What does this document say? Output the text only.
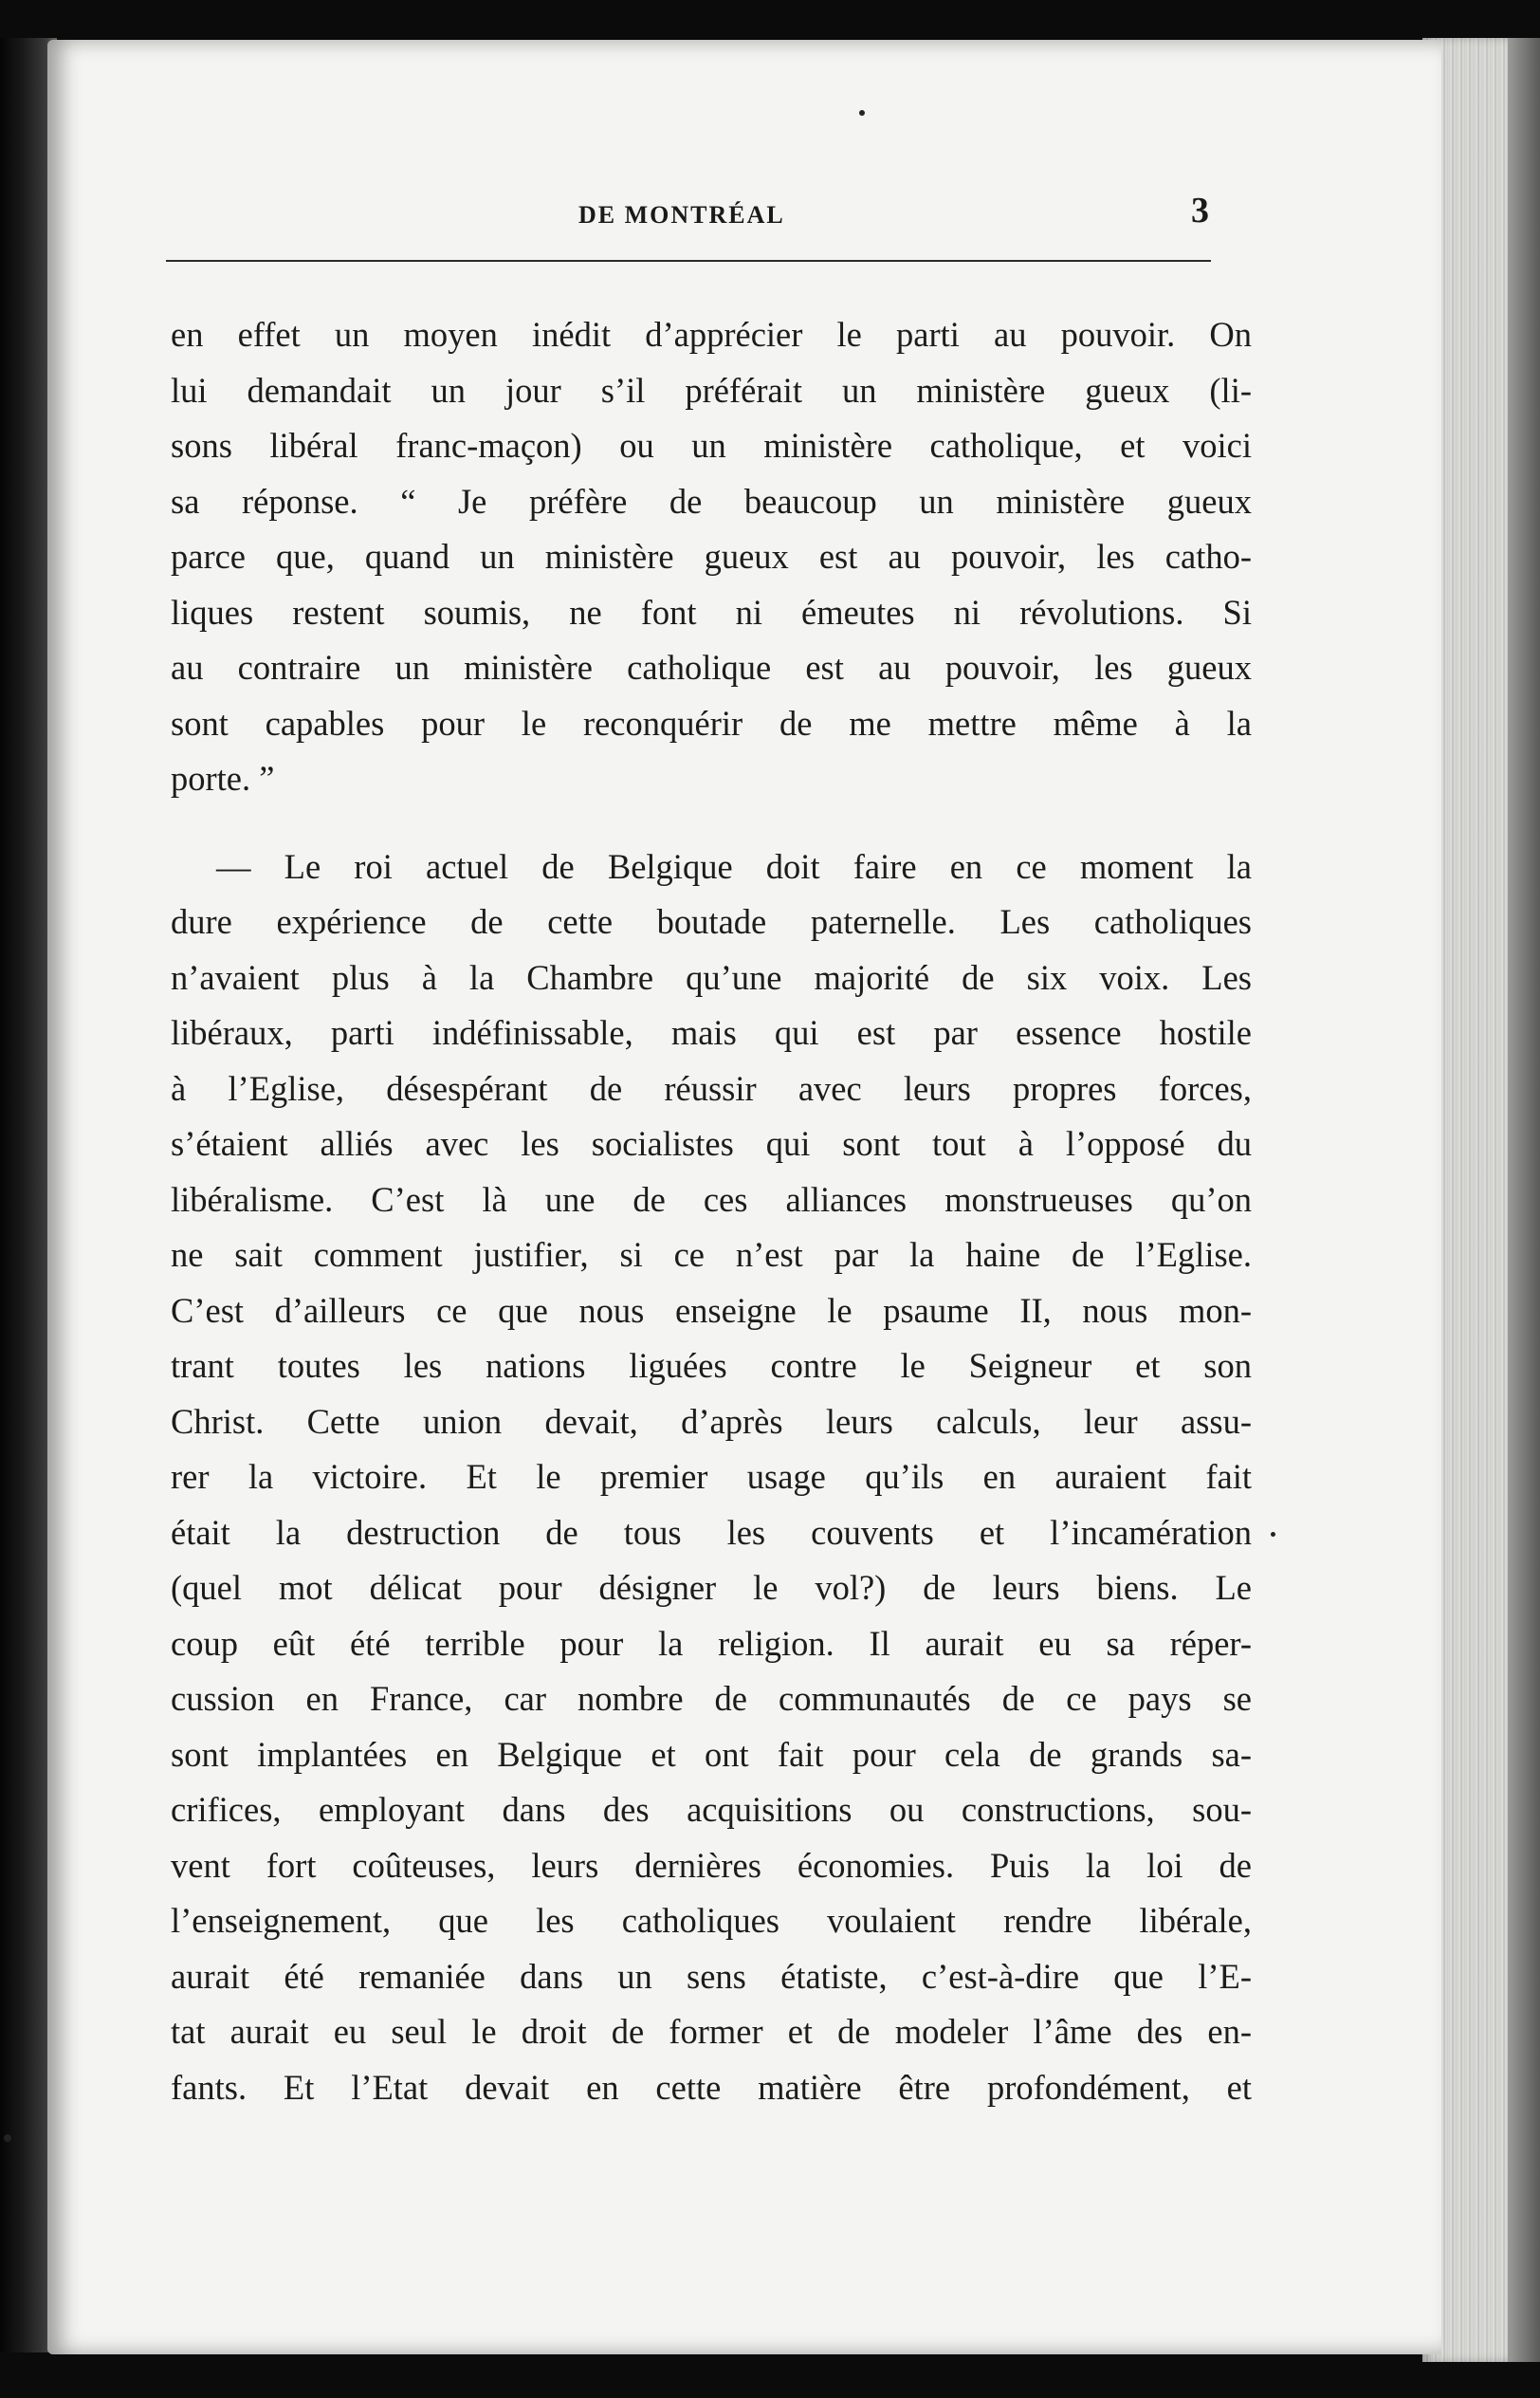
DE MONTRÉAL	3
en effet un moyen inédit d’apprécier le parti au pouvoir. On
lui demandait un jour s’il préférait un ministère gueux (li-
sons libéral franc-maçon) ou un ministère catholique, et voici
sa réponse. “ Je préfère de beaucoup un ministère gueux
parce que, quand un ministère gueux est au pouvoir, les catho-
liques restent soumis, ne font ni émeutes ni révolutions. Si
au contraire un ministère catholique est au pouvoir, les gueux
sont capables pour le reconquérir de me mettre même à la
porte. ”
— Le roi actuel de Belgique doit faire en ce moment la
dure expérience de cette boutade paternelle. Les catholiques
n’avaient plus à la Chambre qu’une majorité de six voix. Les
libéraux, parti indéfinissable, mais qui est par essence hostile
à l’Eglise, désespérant de réussir avec leurs propres forces,
s’étaient alliés avec les socialistes qui sont tout à l’opposé du
libéralisme. C’est là une de ces alliances monstrueuses qu’on
ne sait comment justifier, si ce n’est par la haine de l’Eglise.
C’est d’ailleurs ce que nous enseigne le psaume II, nous mon-
trant toutes les nations liguées contre le Seigneur et son
Christ. Cette union devait, d’après leurs calculs, leur assu-
rer la victoire. Et le premier usage qu’ils en auraient fait
était la destruction de tous les couvents et l’incamération
(quel mot délicat pour désigner le vol?) de leurs biens. Le
coup eût été terrible pour la religion. Il aurait eu sa réper-
cussion en France, car nombre de communautés de ce pays se
sont implantées en Belgique et ont fait pour cela de grands sa-
crifices, employant dans des acquisitions ou constructions, sou-
vent fort coûteuses, leurs dernières économies. Puis la loi de
l’enseignement, que les catholiques voulaient rendre libérale,
aurait été remaniée dans un sens étatiste, c’est-à-dire que l’E-
tat aurait eu seul le droit de former et de modeler l’âme des en-
fants. Et l’Etat devait en cette matière être profondément, et
